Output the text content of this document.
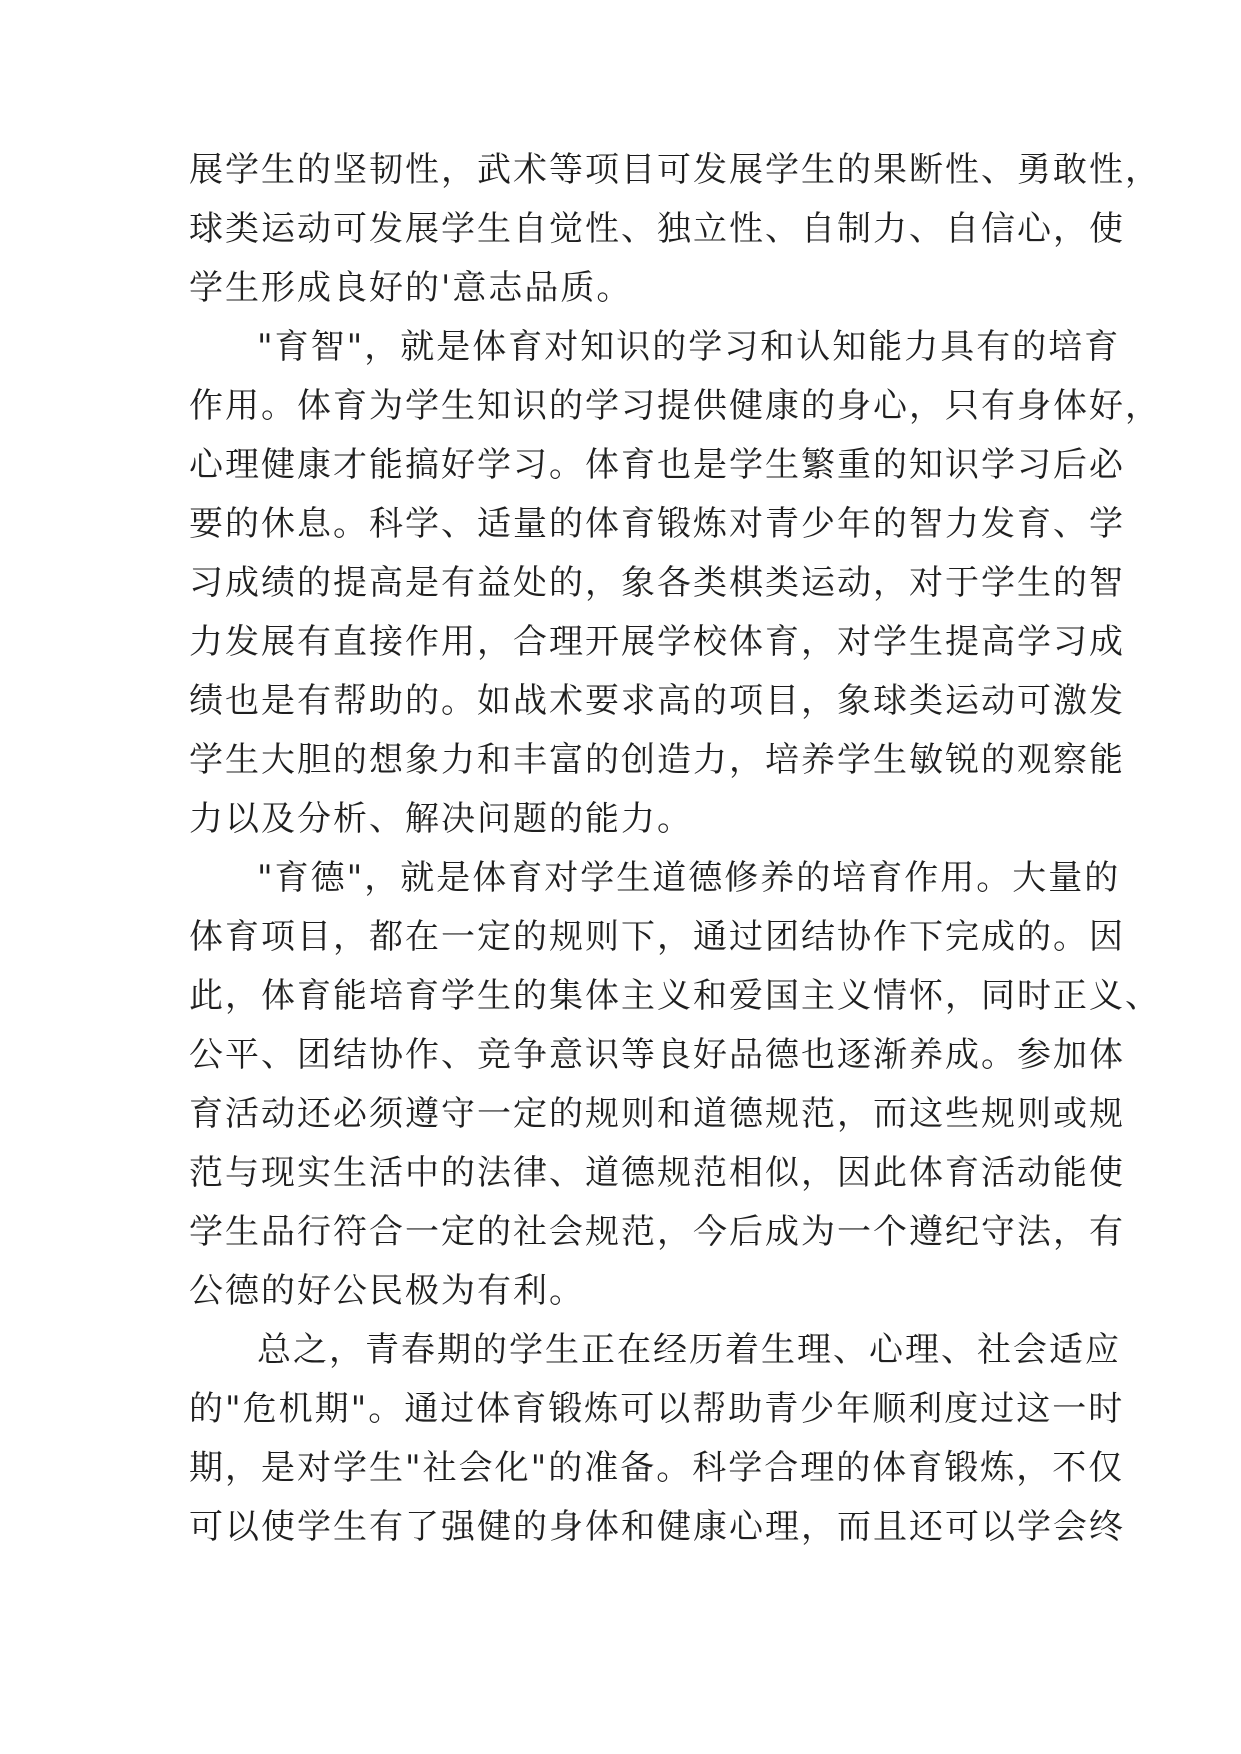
展学生的坚韧性，武术等项目可发展学生的果断性、勇敢性，
球类运动可发展学生自觉性、独立性、自制力、自信心，使
学生形成良好的'意志品质。
"育智"，就是体育对知识的学习和认知能力具有的培育
作用。体育为学生知识的学习提供健康的身心，只有身体好，
心理健康才能搞好学习。体育也是学生繁重的知识学习后必
要的休息。科学、适量的体育锻炼对青少年的智力发育、学
习成绩的提高是有益处的，象各类棋类运动，对于学生的智
力发展有直接作用，合理开展学校体育，对学生提高学习成
绩也是有帮助的。如战术要求高的项目，象球类运动可激发
学生大胆的想象力和丰富的创造力，培养学生敏锐的观察能
力以及分析、解决问题的能力。
"育德"，就是体育对学生道德修养的培育作用。大量的
体育项目，都在一定的规则下，通过团结协作下完成的。因
此，体育能培育学生的集体主义和爱国主义情怀，同时正义、
公平、团结协作、竞争意识等良好品德也逐渐养成。参加体
育活动还必须遵守一定的规则和道德规范，而这些规则或规
范与现实生活中的法律、道德规范相似，因此体育活动能使
学生品行符合一定的社会规范，今后成为一个遵纪守法，有
公德的好公民极为有利。
总之，青春期的学生正在经历着生理、心理、社会适应
的"危机期"。通过体育锻炼可以帮助青少年顺利度过这一时
期，是对学生"社会化"的准备。科学合理的体育锻炼，不仅
可以使学生有了强健的身体和健康心理，而且还可以学会终
